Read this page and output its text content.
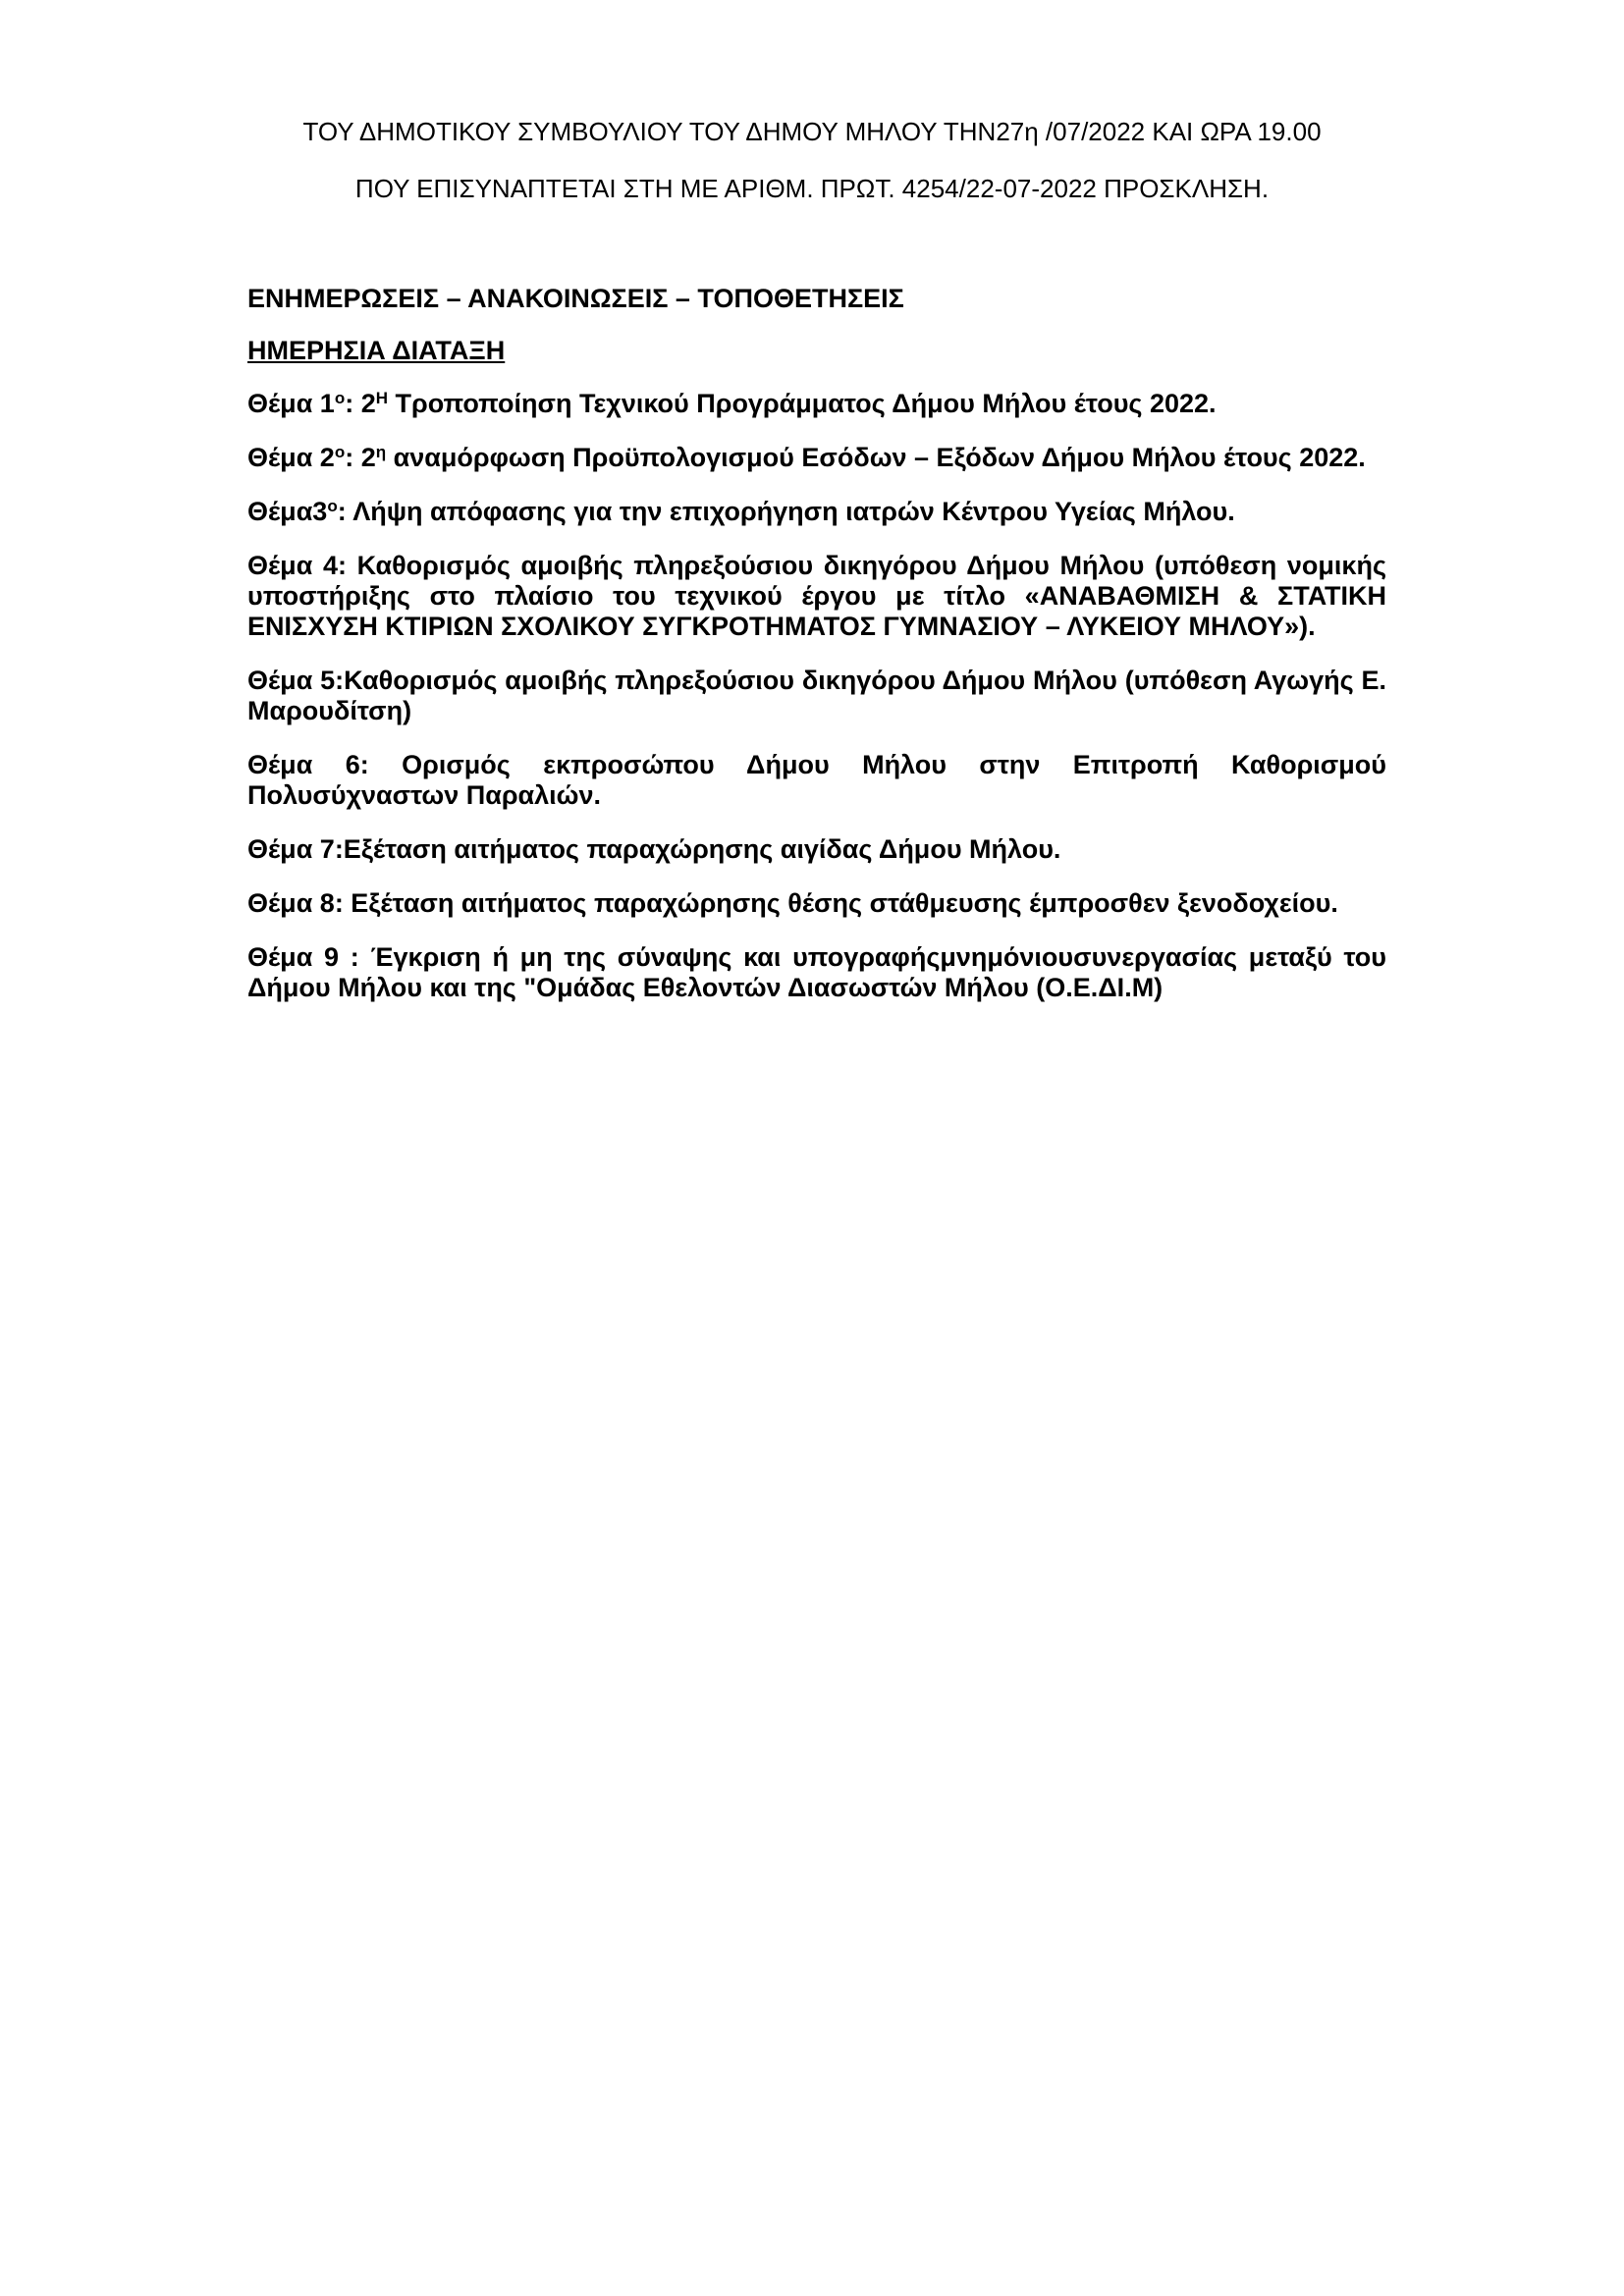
ΤΟΥ ΔΗΜΟΤΙΚΟΥ ΣΥΜΒΟΥΛΙΟΥ ΤΟΥ ΔΗΜΟΥ ΜΗΛΟΥ ΤΗΝ27η /07/2022 ΚΑΙ ΩΡΑ 19.00
ΠΟΥ ΕΠΙΣΥΝΑΠΤΕΤΑΙ ΣΤΗ ΜΕ ΑΡΙΘΜ. ΠΡΩΤ. 4254/22-07-2022 ΠΡΟΣΚΛΗΣΗ.
ΕΝΗΜΕΡΩΣΕΙΣ – ΑΝΑΚΟΙΝΩΣΕΙΣ – ΤΟΠΟΘΕΤΗΣΕΙΣ
ΗΜΕΡΗΣΙΑ ΔΙΑΤΑΞΗ

Θέμα $1^o$: $2^H$ Τροποποίηση Τεχνικού Προγράμματος Δήμου Μήλου έτους 2022.

Θέμα $2^o$: $2^\eta$ αναμόρφωση Προϋπολογισμού Εσόδων – Εξόδων Δήμου Μήλου έτους 2022.

$\Theta έ\mu\alpha 3^o$: Λήψη απόφασης για την επιχορήγηση ιατρών Κέντρου Υγείας Μήλου.

Θέμα 4: Καθορισμός αμοιβής πληρεξούσιου δικηγόρου Δήμου Μήλου (υπόθεση νομικής υποστήριξης στο πλαίσιο του τεχνικού έργου με τίτλο «ΑΝΑΒΑΘΜΙΣΗ & ΣΤΑΤΙΚΗ ΕΝΙΣΧΥΣΗ ΚΤΙΡΙΩΝ ΣΧΟΛΙΚΟΥ ΣΥΓΚΡΟΤΗΜΑΤΟΣ ΓΥΜΝΑΣΙΟΥ – ΛΥΚΕΙΟΥ ΜΗΛΟΥ»).

Θέμα 5:Καθορισμός αμοιβής πληρεξούσιου δικηγόρου Δήμου Μήλου (υπόθεση Αγωγής Ε. Μαρουδίτση)

Θέμα 6: Ορισμός εκπροσώπου Δήμου Μήλου στην Επιτροπή Καθορισμού Πολυσύχναστων Παραλιών.

Θέμα 7:Εξέταση αιτήματος παραχώρησης αιγίδας Δήμου Μήλου.

Θέμα 8: Εξέταση αιτήματος παραχώρησης θέσης στάθμευσης έμπροσθεν ξενοδοχείου.

Θέμα 9 : Έγκριση ή μη της σύναψης και υπογραφήςμνημόνιουσυνεργασίας μεταξύ του Δήμου Μήλου και της "Ομάδας Εθελοντών Διασωστών Μήλου (Ο.Ε.ΔΙ.Μ)
